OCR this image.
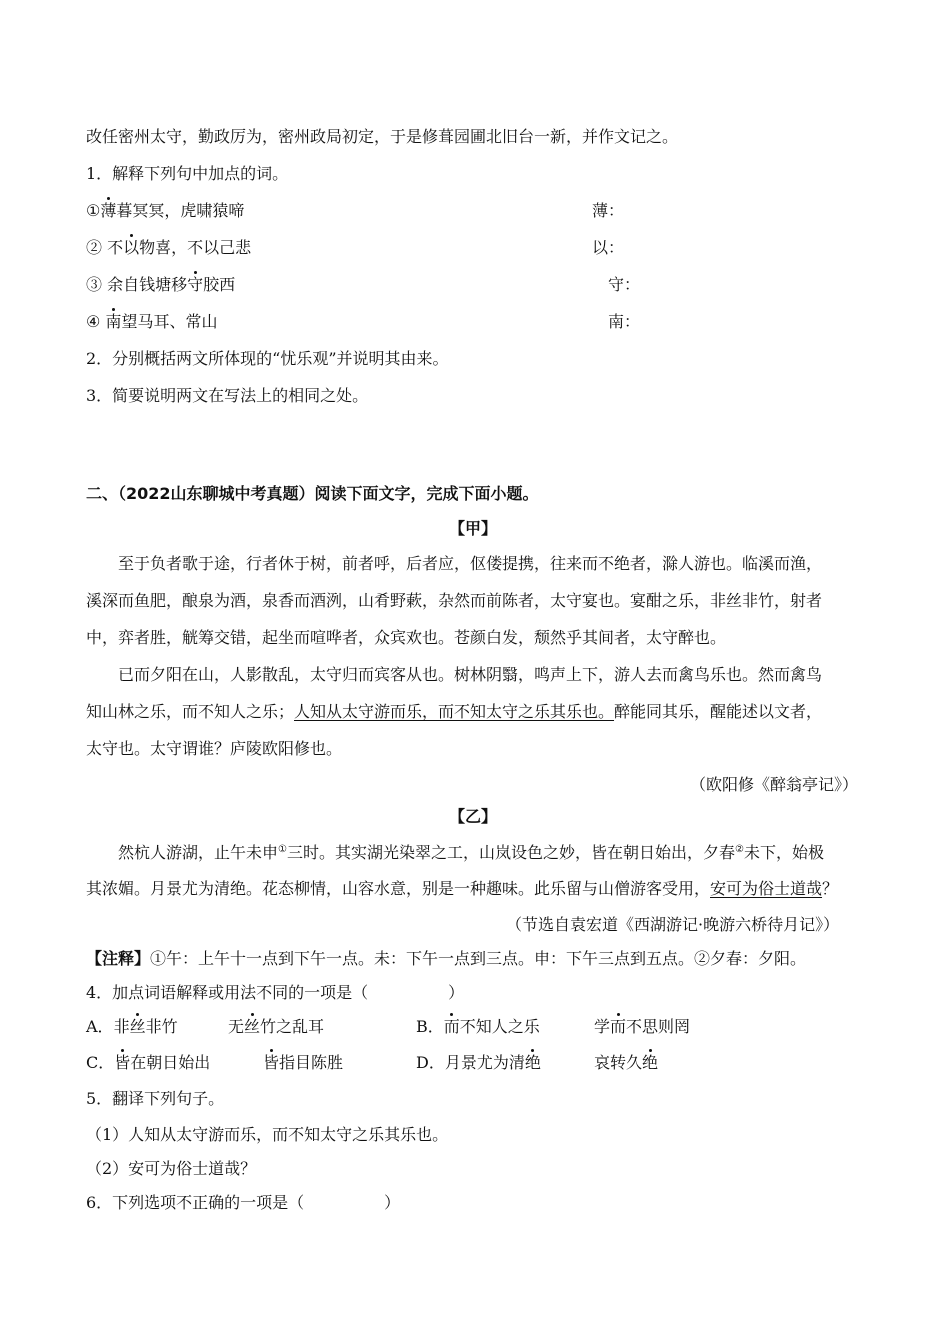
改任密州太守，勤政厉为，密州政局初定，于是修葺园圃北旧台一新，并作文记之。
1．解释下列句中加点的词。
①薄暮冥冥，虎啸猿啼	薄：
② 不以物喜，不以己悲	以：
③ 余自钱塘移守胶西	守：
④ 南望马耳、常山	南：
2．分别概括两文所体现的“忧乐观”并说明其由来。
3．简要说明两文在写法上的相同之处。
二、（2022山东聊城中考真题）阅读下面文字，完成下面小题。
【甲】
至于负者歌于途，行者休于树，前者呼，后者应，伛偻提携，往来而不绝者，滁人游也。临溪而渔，
溪深而鱼肥，酿泉为酒，泉香而酒洌，山肴野蔌，杂然而前陈者，太守宴也。宴酣之乐，非丝非竹，射者
中，弈者胜，觥筹交错，起坐而喧哗者，众宾欢也。苍颜白发，颓然乎其间者，太守醉也。
已而夕阳在山，人影散乱，太守归而宾客从也。树林阴翳，鸣声上下，游人去而禽鸟乐也。然而禽鸟
知山林之乐，而不知人之乐；人知从太守游而乐，而不知太守之乐其乐也。醉能同其乐，醒能述以文者，
太守也。太守谓谁？庐陵欧阳修也。
（欧阳修《醉翁亭记》）
【乙】
然杭人游湖，止午未申①三时。其实湖光染翠之工，山岚设色之妙，皆在朝日始出，夕春②未下，始极
其浓媚。月景尤为清绝。花态柳情，山容水意，别是一种趣味。此乐留与山僧游客受用，安可为俗士道哉？
（节选自袁宏道《西湖游记·晚游六桥待月记》）
【注释】①午：上午十一点到下午一点。未：下午一点到三点。申：下午三点到五点。②夕春：夕阳。
4．加点词语解释或用法不同的一项是（　　　　　）
A．非丝非竹	无丝竹之乱耳	B．而不知人之乐	学而不思则罔
C．皆在朝日始出	皆指目陈胜	D．月景尤为清绝	哀转久绝
5．翻译下列句子。
（1）人知从太守游而乐，而不知太守之乐其乐也。
（2）安可为俗士道哉？
6．下列选项不正确的一项是（　　　　　）
